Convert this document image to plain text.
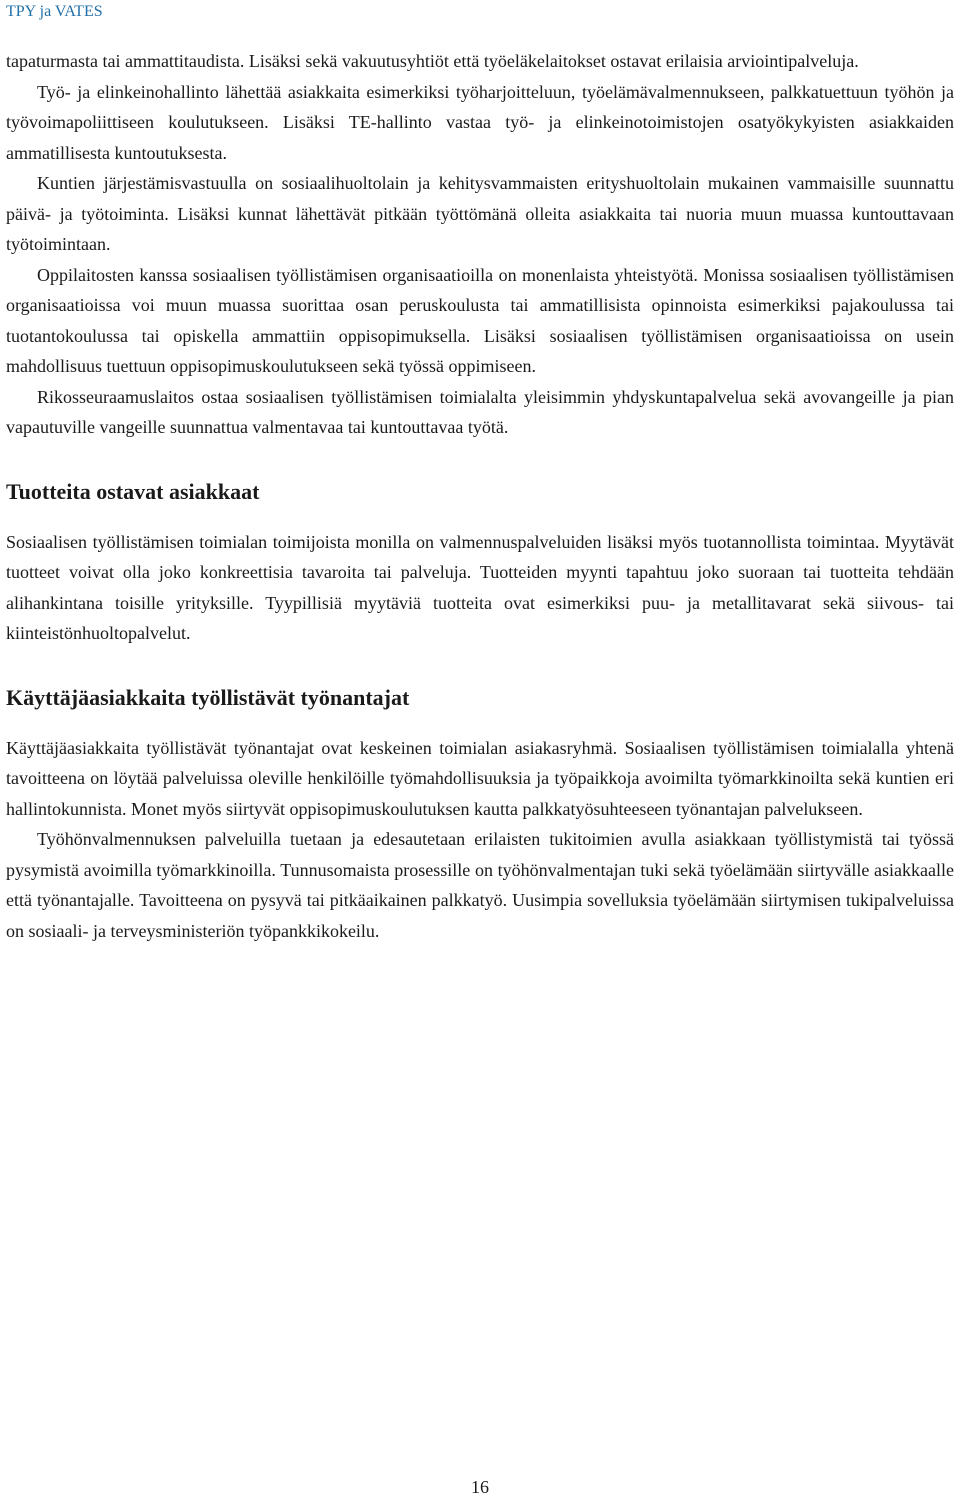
TPY ja VATES

tapaturmasta tai ammattitaudista. Lisäksi sekä vakuutusyhtiöt että työeläkelaitokset ostavat erilaisia arviointipalveluja.

Työ- ja elinkeinohallinto lähettää asiakkaita esimerkiksi työharjoitteluun, työelämävalmennukseen, palkkatuettuun työhön ja työvoimapoliittiseen koulutukseen. Lisäksi TE-hallinto vastaa työ- ja elinkeinotoimistojen osatyökykyisten asiakkaiden ammatillisesta kuntoutuksesta.

Kuntien järjestämisvastuulla on sosiaalihuoltolain ja kehitysvammaisten erityshuoltolain mukainen vammaisille suunnattu päivä- ja työtoiminta. Lisäksi kunnat lähettävät pitkään työttömänä olleita asiakkaita tai nuoria muun muassa kuntouttavaan työtoimintaan.

Oppilaitosten kanssa sosiaalisen työllistämisen organisaatioilla on monenlaista yhteistyötä. Monissa sosiaalisen työllistämisen organisaatioissa voi muun muassa suorittaa osan peruskoulusta tai ammatillisista opinnoista esimerkiksi pajakoulussa tai tuotantokoulussa tai opiskella ammattiin oppisopimuksella. Lisäksi sosiaalisen työllistämisen organisaatioissa on usein mahdollisuus tuettuun oppisopimuskoulutukseen sekä työssä oppimiseen.

Rikosseuraamuslaitos ostaa sosiaalisen työllistämisen toimialalta yleisimmin yhdyskuntapalvelua sekä avovangeille ja pian vapautuville vangeille suunnattua valmentavaa tai kuntouttavaa työtä.

Tuotteita ostavat asiakkaat

Sosiaalisen työllistämisen toimialan toimijoista monilla on valmennuspalveluiden lisäksi myös tuotannollista toimintaa. Myytävät tuotteet voivat olla joko konkreettisia tavaroita tai palveluja. Tuotteiden myynti tapahtuu joko suoraan tai tuotteita tehdään alihankintana toisille yrityksille. Tyypillisiä myytäviä tuotteita ovat esimerkiksi puu- ja metallitavarat sekä siivous- tai kiinteistönhuoltopalvelut.

Käyttäjäasiakkaita työllistävät työnantajat

Käyttäjäasiakkaita työllistävät työnantajat ovat keskeinen toimialan asiakasryhmä. Sosiaalisen työllistämisen toimialalla yhtenä tavoitteena on löytää palveluissa oleville henkilöille työmahdollisuuksia ja työpaikkoja avoimilta työmarkkinoilta sekä kuntien eri hallintokunnista. Monet myös siirtyvät oppisopimuskoulutuksen kautta palkkatyösuhteeseen työnantajan palvelukseen.

Työhönvalmennuksen palveluilla tuetaan ja edesautetaan erilaisten tukitoimien avulla asiakkaan työllistymistä tai työssä pysymistä avoimilla työmarkkinoilla. Tunnusomaista prosessille on työhönvalmentajan tuki sekä työelämään siirtyvälle asiakkaalle että työnantajalle. Tavoitteena on pysyvä tai pitkäaikainen palkkatyö. Uusimpia sovelluksia työelämään siirtymisen tukipalveluissa on sosiaali- ja terveysministeriön työpankkikokeilu.

16
